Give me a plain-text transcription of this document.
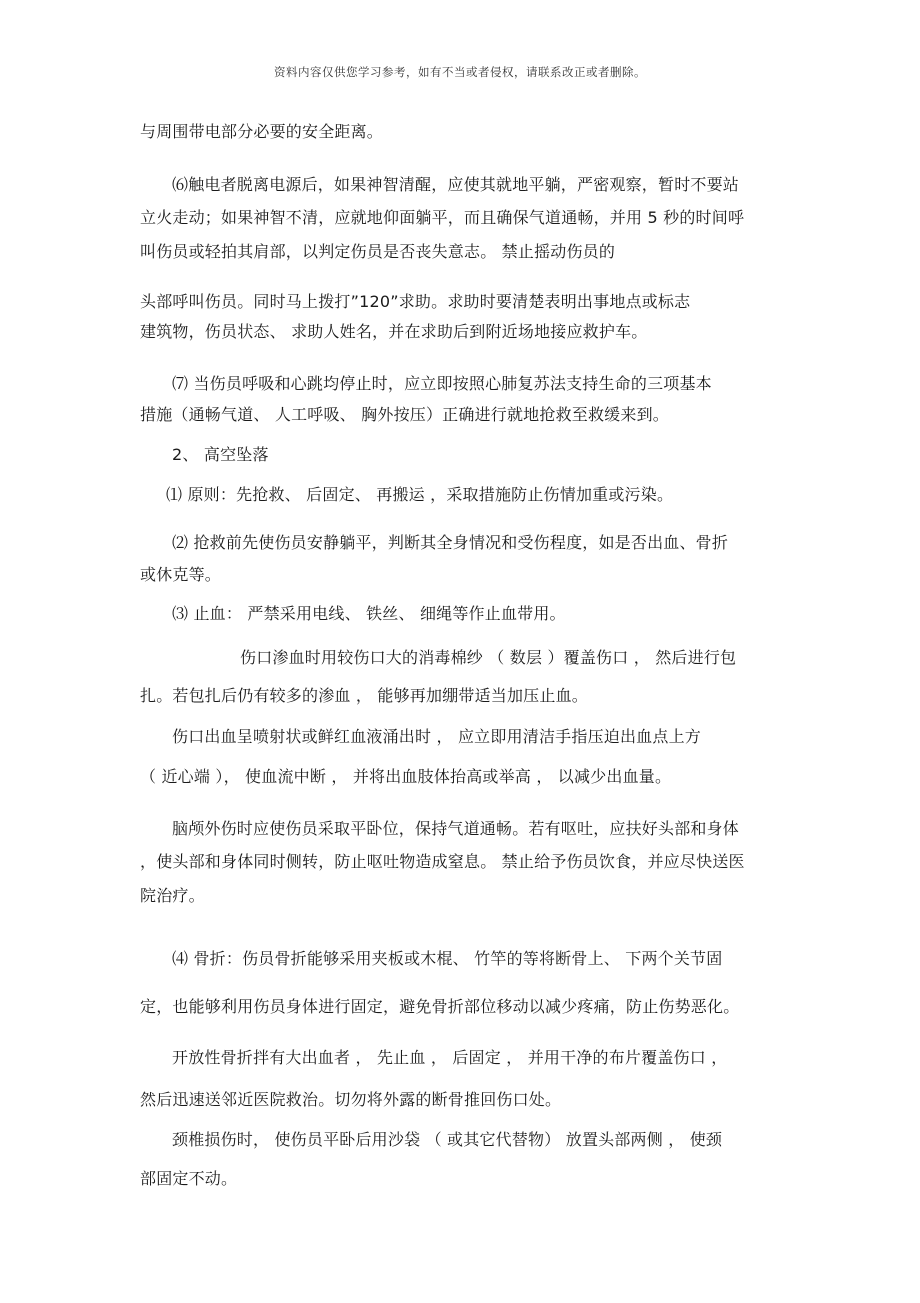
资料内容仅供您学习参考，如有不当或者侵权，请联系改正或者删除。
与周围带电部分必要的安全距离。
⑹触电者脱离电源后，如果神智清醒，应使其就地平躺，严密观察，暂时不要站
立火走动；如果神智不清，应就地仰面躺平，而且确保气道通畅，并用 5 秒的时间呼
叫伤员或轻拍其肩部，以判定伤员是否丧失意志。 禁止摇动伤员的
头部呼叫伤员。同时马上拨打”120”求助。求助时要清楚表明出事地点或标志
建筑物，伤员状态、 求助人姓名，并在求助后到附近场地接应救护车。
⑺ 当伤员呼吸和心跳均停止时，应立即按照心肺复苏法支持生命的三项基本
措施（通畅气道、 人工呼吸、 胸外按压）正确进行就地抢救至救缓来到。
2、 高空坠落
⑴ 原则：先抢救、 后固定、 再搬运 ，采取措施防止伤情加重或污染。
⑵ 抢救前先使伤员安静躺平，判断其全身情况和受伤程度，如是否出血、骨折
或休克等。
⑶ 止血： 严禁采用电线、 铁丝、 细绳等作止血带用。
伤口渗血时用较伤口大的消毒棉纱 （ 数层 ）覆盖伤口 ， 然后进行包
扎。若包扎后仍有较多的渗血 ， 能够再加绷带适当加压止血。
伤口出血呈喷射状或鲜红血液涌出时 ， 应立即用清洁手指压迫出血点上方
（ 近心端 ）， 使血流中断 ， 并将出血肢体抬高或举高 ， 以减少出血量。
脑颅外伤时应使伤员采取平卧位，保持气道通畅。若有呕吐，应扶好头部和身体
，使头部和身体同时侧转，防止呕吐物造成窒息。 禁止给予伤员饮食，并应尽快送医
院治疗。
⑷ 骨折：伤员骨折能够采用夹板或木棍、 竹竿的等将断骨上、 下两个关节固
定，也能够利用伤员身体进行固定，避免骨折部位移动以减少疼痛，防止伤势恶化。
开放性骨折拌有大出血者 ， 先止血 ， 后固定 ， 并用干净的布片覆盖伤口 ，
然后迅速送邻近医院救治。切勿将外露的断骨推回伤口处。
颈椎损伤时， 使伤员平卧后用沙袋 （ 或其它代替物） 放置头部两侧 ， 使颈
部固定不动。
